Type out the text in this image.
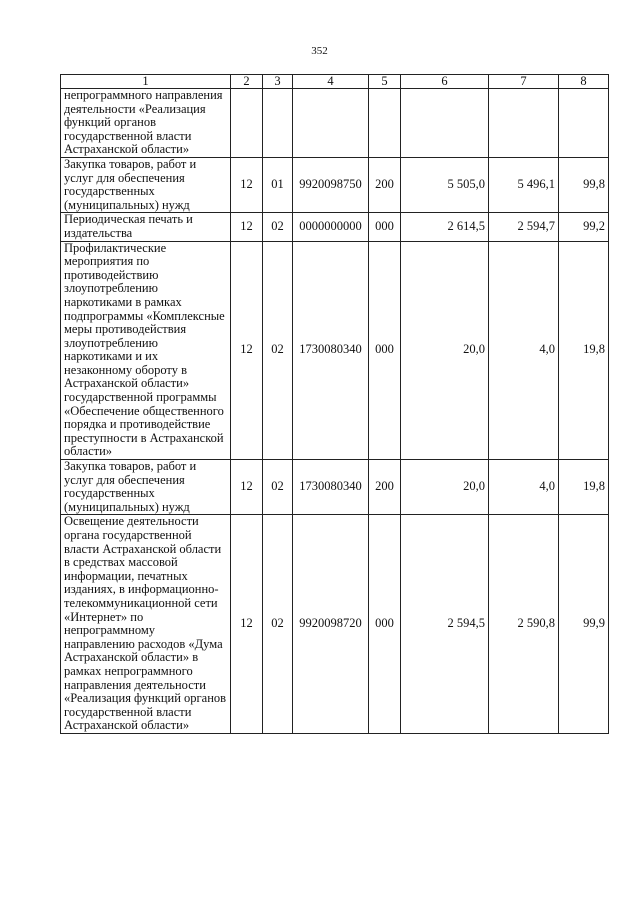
352
1	2	3	4	5	6	7	8
непрограммного направления деятельности «Реализация функций органов государственной власти Астраханской области»							
Закупка товаров, работ и услуг для обеспечения государственных (муниципальных) нужд	12	01	9920098750	200	5 505,0	5 496,1	99,8
Периодическая печать и издательства	12	02	0000000000	000	2 614,5	2 594,7	99,2
Профилактические мероприятия по противодействию злоупотреблению наркотиками в рамках подпрограммы «Комплексные меры противодействия злоупотреблению наркотиками и их незаконному обороту в Астраханской области» государственной программы «Обеспечение общественного порядка и противодействие преступности в Астраханской области»	12	02	1730080340	000	20,0	4,0	19,8
Закупка товаров, работ и услуг для обеспечения государственных (муниципальных) нужд	12	02	1730080340	200	20,0	4,0	19,8
Освещение деятельности органа государственной власти Астраханской области в средствах массовой информации, печатных изданиях, в информационно-телекоммуникационной сети «Интернет» по непрограммному направлению расходов «Дума Астраханской области» в рамках непрограммного направления деятельности «Реализация функций органов государственной власти Астраханской области»	12	02	9920098720	000	2 594,5	2 590,8	99,9
